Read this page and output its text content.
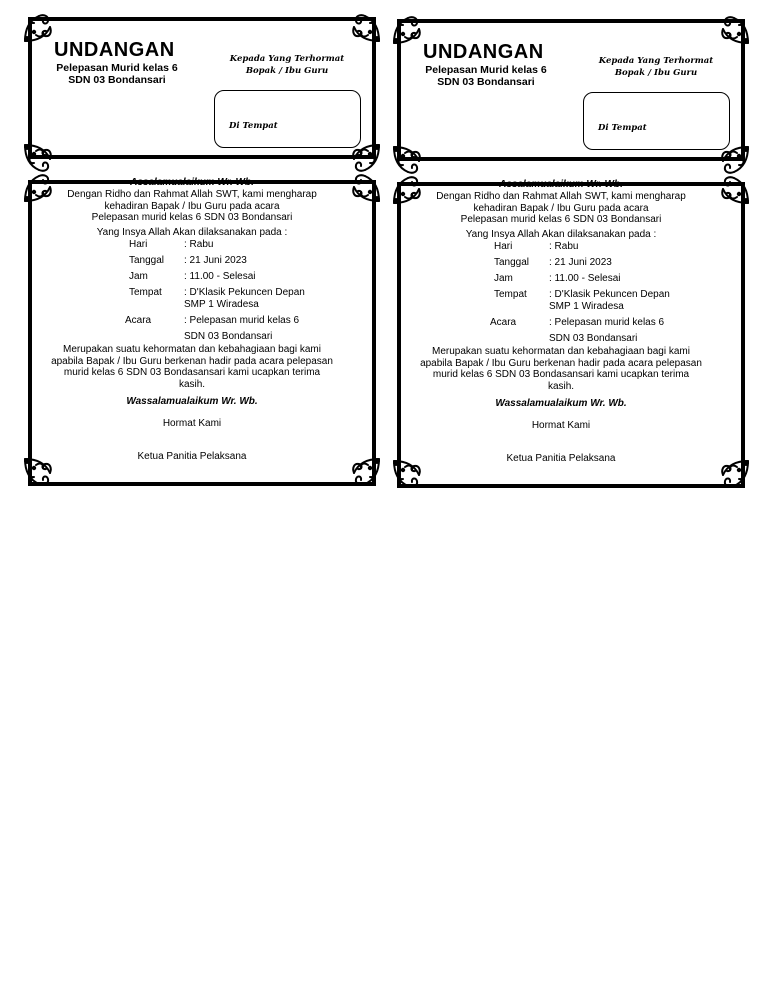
UNDANGAN
Pelepasan Murid kelas 6
SDN 03 Bondansari
Kepada Yang Terhormat
Bopak / Ibu Guru
Di Tempat
Assalamualaikum Wr. Wb.
Dengan Ridho dan Rahmat Allah SWT, kami mengharap
kehadiran Bapak / Ibu Guru pada acara
Pelepasan murid kelas 6 SDN 03 Bondansari
Yang Insya Allah Akan dilaksanakan pada :
Hari	: Rabu
Tanggal : 21 Juni 2023
Jam	: 11.00 - Selesai
Tempat : D'Klasik Pekuncen Depan
SMP 1 Wiradesa
Acara	: Pelepasan murid kelas 6
SDN 03 Bondansari
Merupakan suatu kehormatan dan kebahagiaan bagi kami
apabila Bapak / Ibu Guru berkenan hadir pada acara pelepasan
murid kelas 6 SDN 03 Bondasansari kami ucapkan terima
kasih.
Wassalamualaikum Wr. Wb.
Hormat Kami
Ketua Panitia Pelaksana
UNDANGAN
Pelepasan Murid kelas 6
SDN 03 Bondansari
Kepada Yang Terhormat
Bopak / Ibu Guru
Di Tempat
Assalamualaikum Wr. Wb.
Dengan Ridho dan Rahmat Allah SWT, kami mengharap
kehadiran Bapak / Ibu Guru pada acara
Pelepasan murid kelas 6 SDN 03 Bondansari
Yang Insya Allah Akan dilaksanakan pada :
Hari	: Rabu
Tanggal : 21 Juni 2023
Jam	: 11.00 - Selesai
Tempat : D'Klasik Pekuncen Depan
SMP 1 Wiradesa
Acara	: Pelepasan murid kelas 6
SDN 03 Bondansari
Merupakan suatu kehormatan dan kebahagiaan bagi kami
apabila Bapak / Ibu Guru berkenan hadir pada acara pelepasan
murid kelas 6 SDN 03 Bondasansari kami ucapkan terima
kasih.
Wassalamualaikum Wr. Wb.
Hormat Kami
Ketua Panitia Pelaksana
